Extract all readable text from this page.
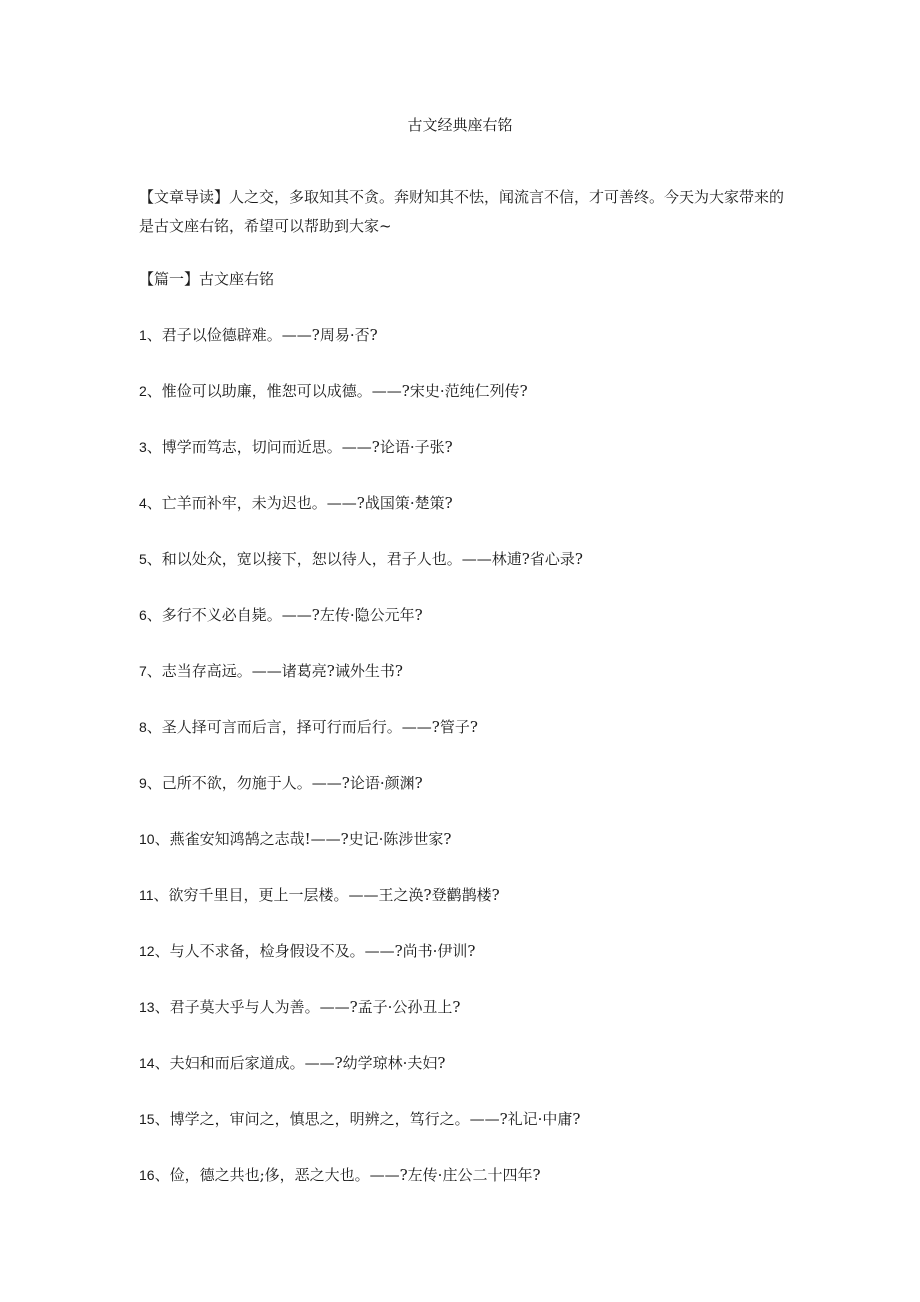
古文经典座右铭

【文章导读】人之交，多取知其不贪。奔财知其不怯，闻流言不信，才可善终。今天为大家带来的是古文座右铭，希望可以帮助到大家~

【篇一】古文座右铭
1、君子以俭德辟难。——?周易·否?
2、惟俭可以助廉，惟恕可以成德。——?宋史·范纯仁列传?
3、博学而笃志，切问而近思。——?论语·子张?
4、亡羊而补牢，未为迟也。——?战国策·楚策?
5、和以处众，宽以接下，恕以待人，君子人也。——林逋?省心录?
6、多行不义必自毙。——?左传·隐公元年?
7、志当存高远。——诸葛亮?诫外生书?
8、圣人择可言而后言，择可行而后行。——?管子?
9、己所不欲，勿施于人。——?论语·颜渊?
10、燕雀安知鸿鹄之志哉!——?史记·陈涉世家?
11、欲穷千里目，更上一层楼。——王之涣?登鹳鹊楼?
12、与人不求备，检身假设不及。——?尚书·伊训?
13、君子莫大乎与人为善。——?孟子·公孙丑上?
14、夫妇和而后家道成。——?幼学琼林·夫妇?
15、博学之，审问之，慎思之，明辨之，笃行之。——?礼记·中庸?
16、俭，德之共也;侈，恶之大也。——?左传·庄公二十四年?
